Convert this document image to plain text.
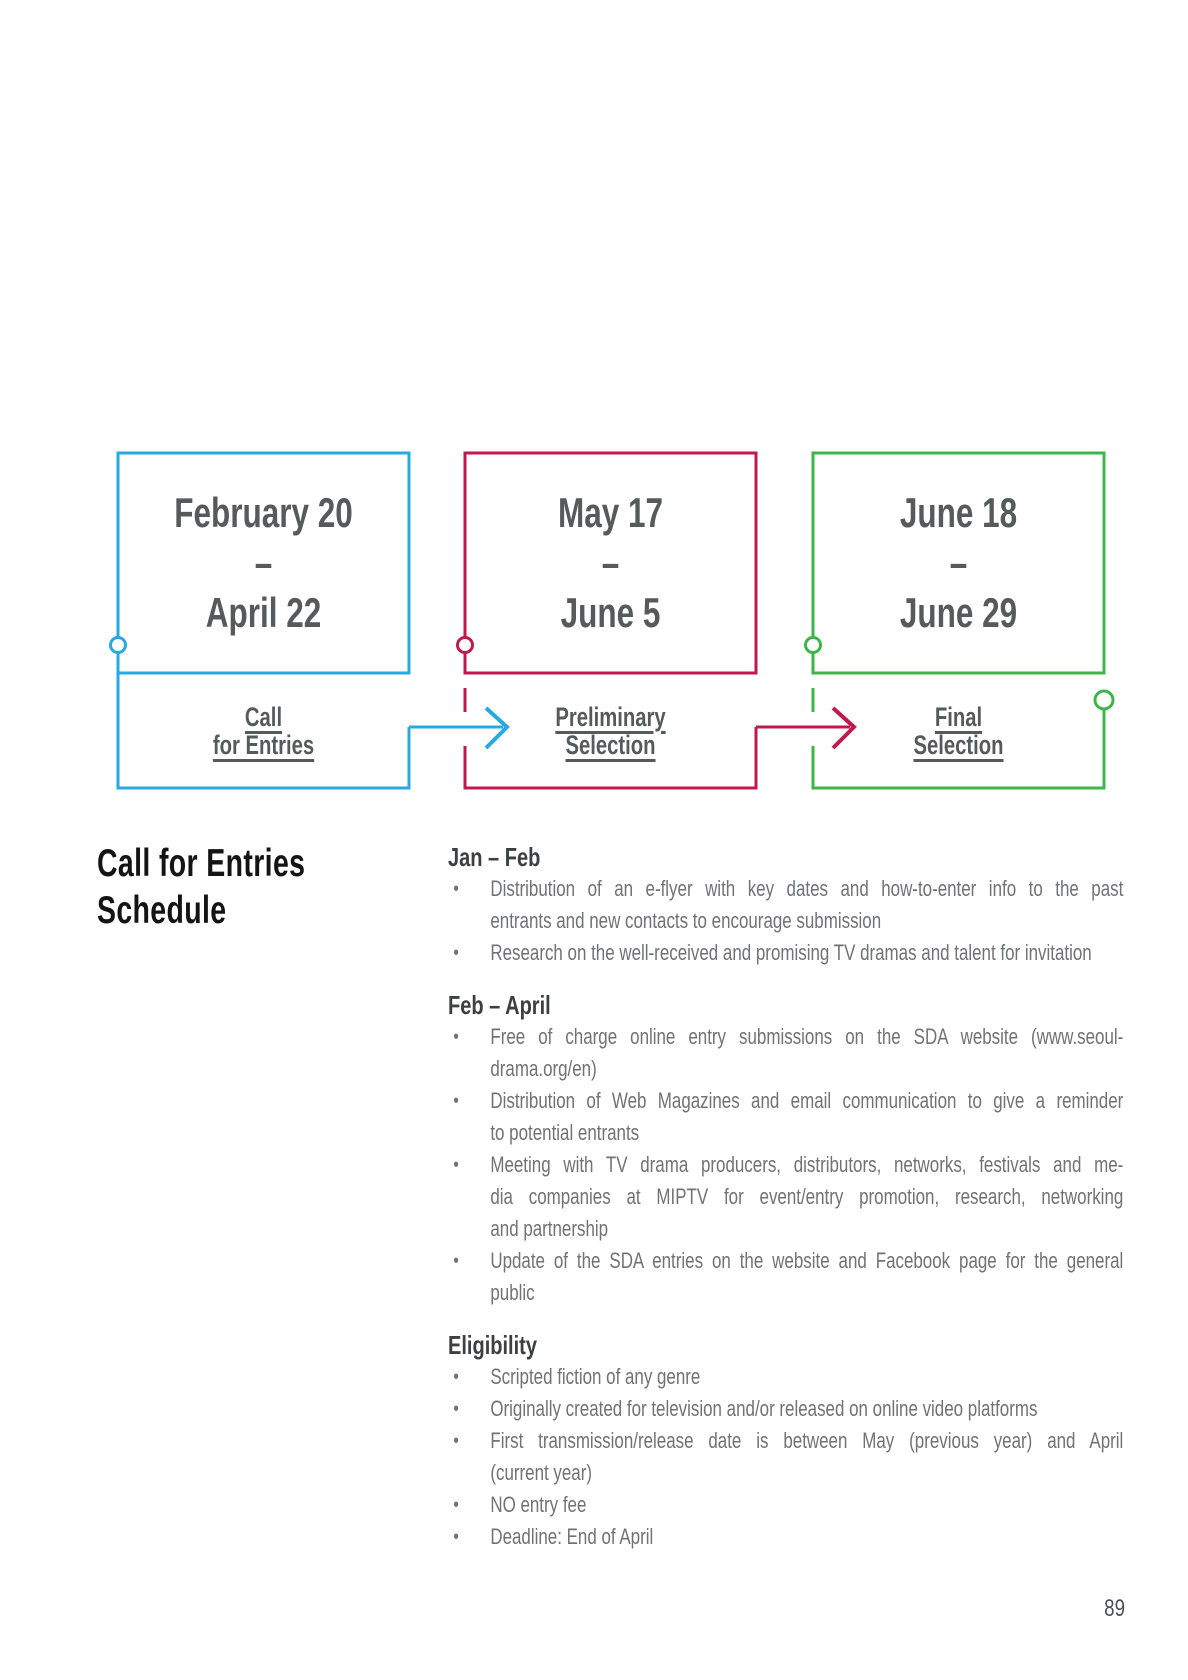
February 20
–
April 22
May 17
–
June 5
June 18
–
June 29
Call
for Entries
Preliminary
Selection
Final
Selection
Call for Entries
Schedule
Jan – Feb
•	Distribution of an e-flyer with key dates and how-to-enter info to the past
entrants and new contacts to encourage submission
•	Research on the well-received and promising TV dramas and talent for invitation
Feb – April
•	Free of charge online entry submissions on the SDA website (www.seoul-
drama.org/en)
•	Distribution of Web Magazines and email communication to give a reminder
to potential entrants
•	Meeting with TV drama producers, distributors, networks, festivals and me-
dia companies at MIPTV for event/entry promotion, research, networking
and partnership
•	Update of the SDA entries on the website and Facebook page for the general
public
Eligibility
•	Scripted fiction of any genre
•	Originally created for television and/or released on online video platforms
•	First transmission/release date is between May (previous year) and April
(current year)
•	NO entry fee
•	Deadline: End of April
89
